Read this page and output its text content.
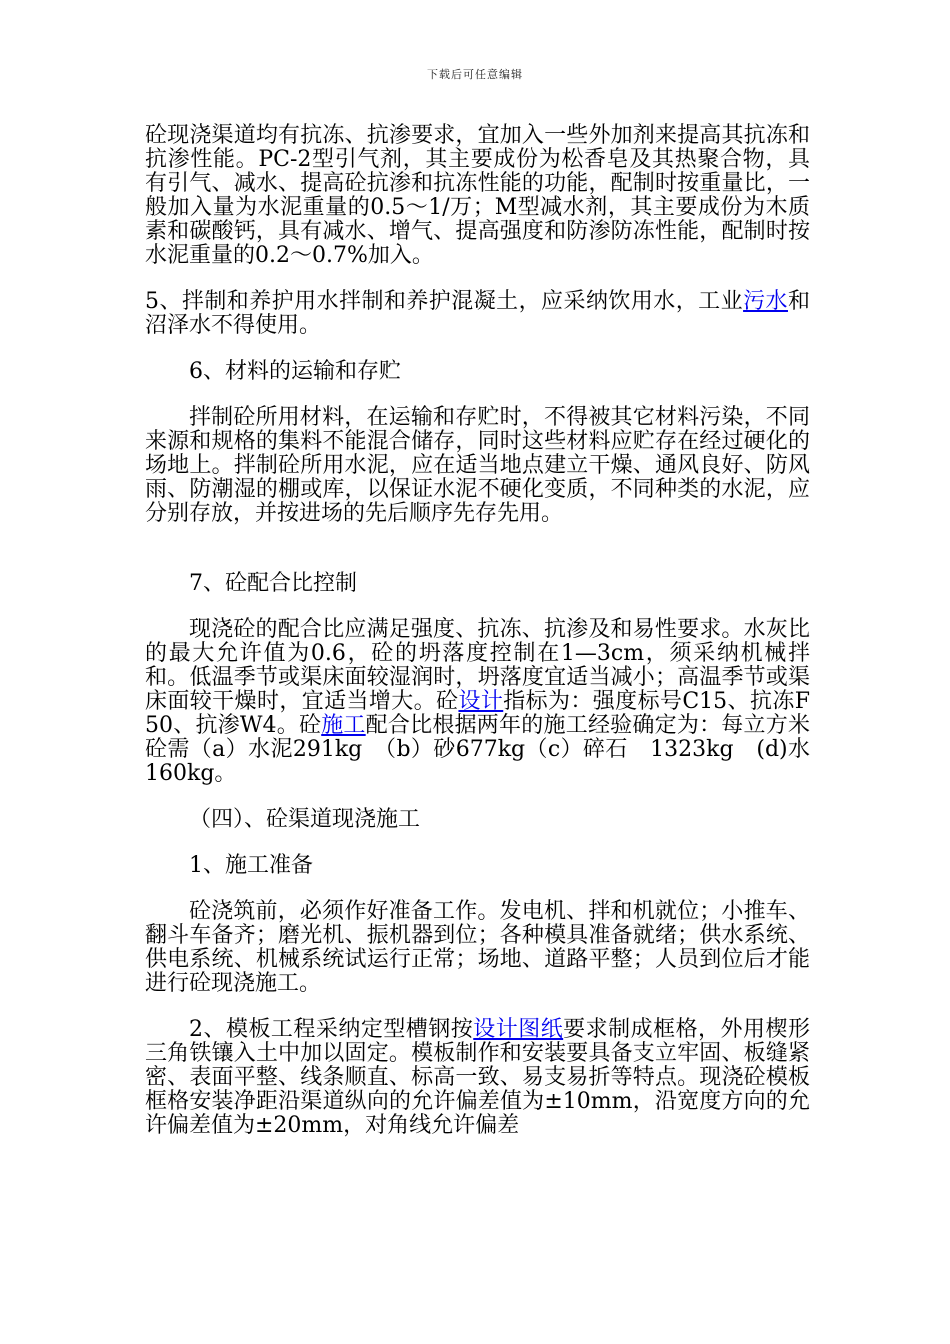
下载后可任意编辑

砼现浇渠道均有抗冻、抗渗要求，宜加入一些外加剂来提高其抗冻和抗渗性能。PC-2型引气剂，其主要成份为松香皂及其热聚合物，具有引气、减水、提高砼抗渗和抗冻性能的功能，配制时按重量比，一般加入量为水泥重量的0.5～1/万；M型减水剂，其主要成份为木质素和碳酸钙，具有减水、增气、提高强度和防渗防冻性能，配制时按水泥重量的0.2～0.7%加入。

5、拌制和养护用水拌制和养护混凝土，应采纳饮用水，工业污水和沼泽水不得使用。

6、材料的运输和存贮

拌制砼所用材料，在运输和存贮时，不得被其它材料污染，不同来源和规格的集料不能混合储存，同时这些材料应贮存在经过硬化的场地上。拌制砼所用水泥，应在适当地点建立干燥、通风良好、防风雨、防潮湿的棚或库，以保证水泥不硬化变质，不同种类的水泥，应分别存放，并按进场的先后顺序先存先用。

7、砼配合比控制

现浇砼的配合比应满足强度、抗冻、抗渗及和易性要求。水灰比的最大允许值为0.6，砼的坍落度控制在1—3cm，须采纳机械拌和。低温季节或渠床面较湿润时，坍落度宜适当减小；高温季节或渠床面较干燥时，宜适当增大。砼设计指标为：强度标号C15、抗冻F50、抗渗W4。砼施工配合比根据两年的施工经验确定为：每立方米砼需（a）水泥291kg　（b）砂677kg（c）碎石　1323kg　(d)水160kg。

（四）、砼渠道现浇施工

1、施工准备

砼浇筑前，必须作好准备工作。发电机、拌和机就位；小推车、翻斗车备齐；磨光机、振机器到位；各种模具准备就绪；供水系统、供电系统、机械系统试运行正常；场地、道路平整；人员到位后才能进行砼现浇施工。

2、模板工程采纳定型槽钢按设计图纸要求制成框格，外用楔形三角铁镶入土中加以固定。模板制作和安装要具备支立牢固、板缝紧密、表面平整、线条顺直、标高一致、易支易折等特点。现浇砼模板框格安装净距沿渠道纵向的允许偏差值为±10mm，沿宽度方向的允许偏差值为±20mm，对角线允许偏差
